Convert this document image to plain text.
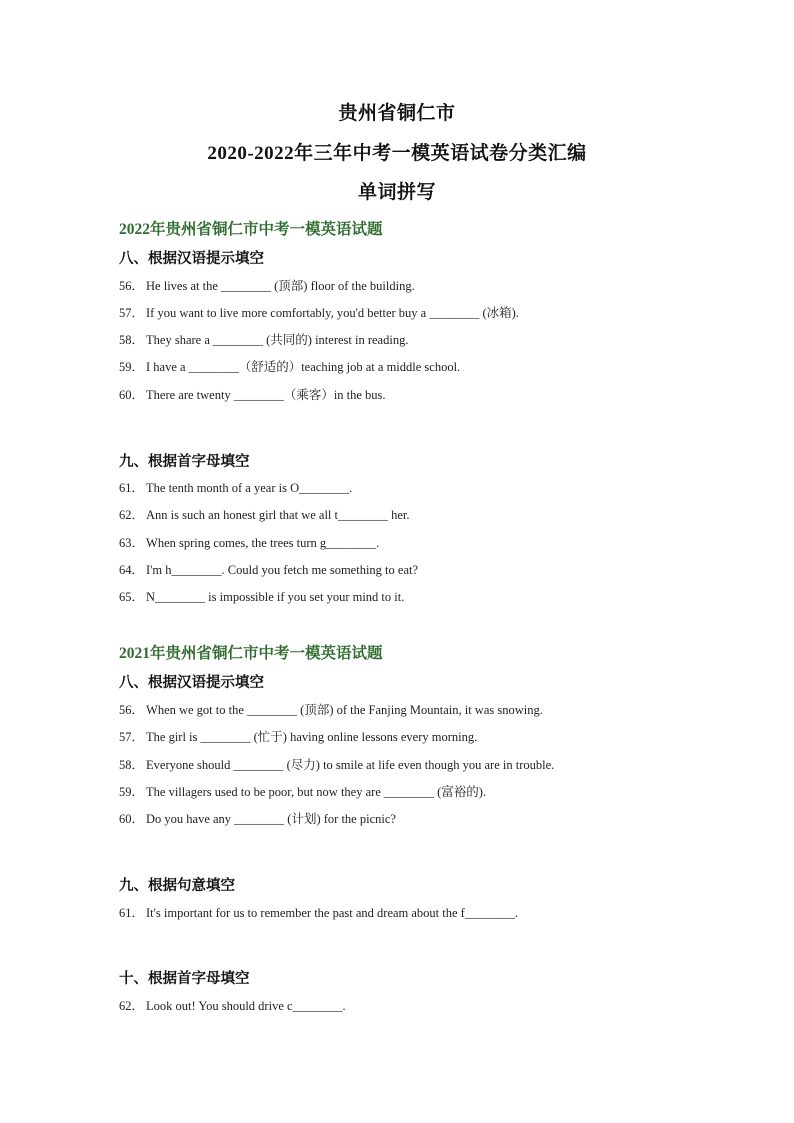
贵州省铜仁市
2020-2022年三年中考一模英语试卷分类汇编
单词拼写
2022年贵州省铜仁市中考一模英语试题
八、根据汉语提示填空
56． He lives at the ________ (顶部) floor of the building.
57． If you want to live more comfortably, you'd better buy a ________ (冰箱).
58． They share a ________ (共同的) interest in reading.
59． I have a ________（舒适的）teaching job at a middle school.
60． There are twenty ________（乘客）in the bus.
九、根据首字母填空
61． The tenth month of a year is O________.
62． Ann is such an honest girl that we all t________ her.
63． When spring comes, the trees turn g________.
64． I'm h________. Could you fetch me something to eat?
65． N________ is impossible if you set your mind to it.
2021年贵州省铜仁市中考一模英语试题
八、根据汉语提示填空
56． When we got to the ________ (顶部) of the Fanjing Mountain, it was snowing.
57． The girl is ________ (忙于) having online lessons every morning.
58． Everyone should ________ (尽力) to smile at life even though you are in trouble.
59． The villagers used to be poor, but now they are ________ (富裕的).
60． Do you have any ________ (计划) for the picnic?
九、根据句意填空
61． It's important for us to remember the past and dream about the f________.
十、根据首字母填空
62． Look out! You should drive c________.
